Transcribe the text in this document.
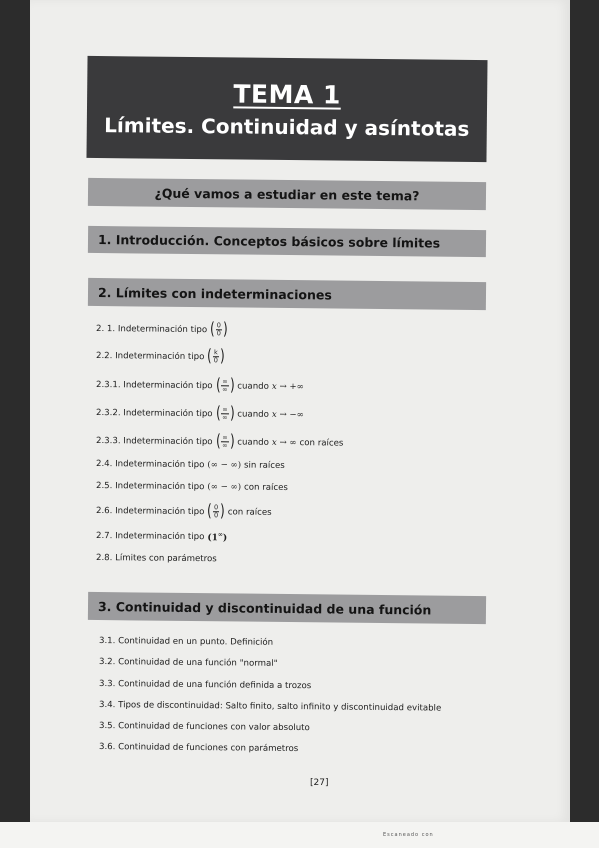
TEMA 1
Límites. Continuidad y asíntotas
¿Qué vamos a estudiar en este tema?
1. Introducción. Conceptos básicos sobre límites
2. Límites con indeterminaciones
2. 1. Indeterminación tipo ( 0
0 )
2.2. Indeterminación tipo ( k
0 )
2.3.1. Indeterminación tipo ( ∞
∞ ) cuando x → +∞
2.3.2. Indeterminación tipo ( ∞
∞ ) cuando x → −∞
2.3.3. Indeterminación tipo ( ∞
∞ ) cuando x → ∞ con raíces
2.4. Indeterminación tipo (∞ − ∞) sin raíces
2.5. Indeterminación tipo (∞ − ∞) con raíces
2.6. Indeterminación tipo ( 0
0 ) con raíces
2.7. Indeterminación tipo (1∞)
2.8. Límites con parámetros
3. Continuidad y discontinuidad de una función
3.1. Continuidad en un punto. Definición
3.2. Continuidad de una función "normal"
3.3. Continuidad de una función definida a trozos
3.4. Tipos de discontinuidad: Salto finito, salto infinito y discontinuidad evitable
3.5. Continuidad de funciones con valor absoluto
3.6. Continuidad de funciones con parámetros
[27]
Escaneado con
